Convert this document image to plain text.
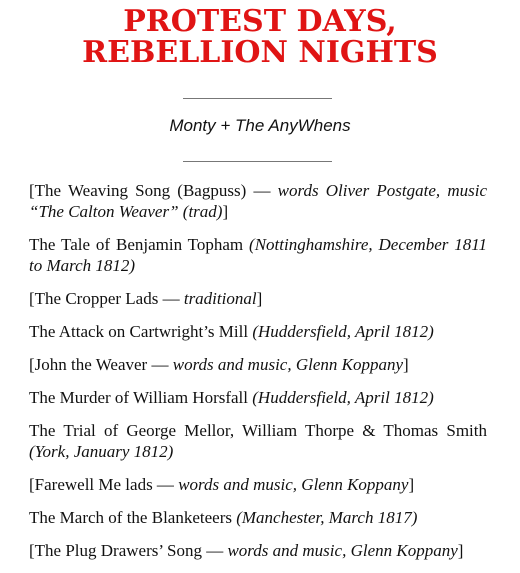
PROTEST DAYS,
REBELLION NIGHTS
Monty + The AnyWhens
[The Weaving Song (Bagpuss) — words Oliver Postgate, music “The Calton Weaver” (trad)]
The Tale of Benjamin Topham (Nottinghamshire, December 1811 to March 1812)
[The Cropper Lads — traditional]
The Attack on Cartwright’s Mill (Huddersfield, April 1812)
[John the Weaver — words and music, Glenn Koppany]
The Murder of William Horsfall (Huddersfield, April 1812)
The Trial of George Mellor, William Thorpe & Thomas Smith (York, January 1812)
[Farewell Me lads — words and music, Glenn Koppany]
The March of the Blanketeers (Manchester, March 1817)
[The Plug Drawers’ Song — words and music, Glenn Koppany]
